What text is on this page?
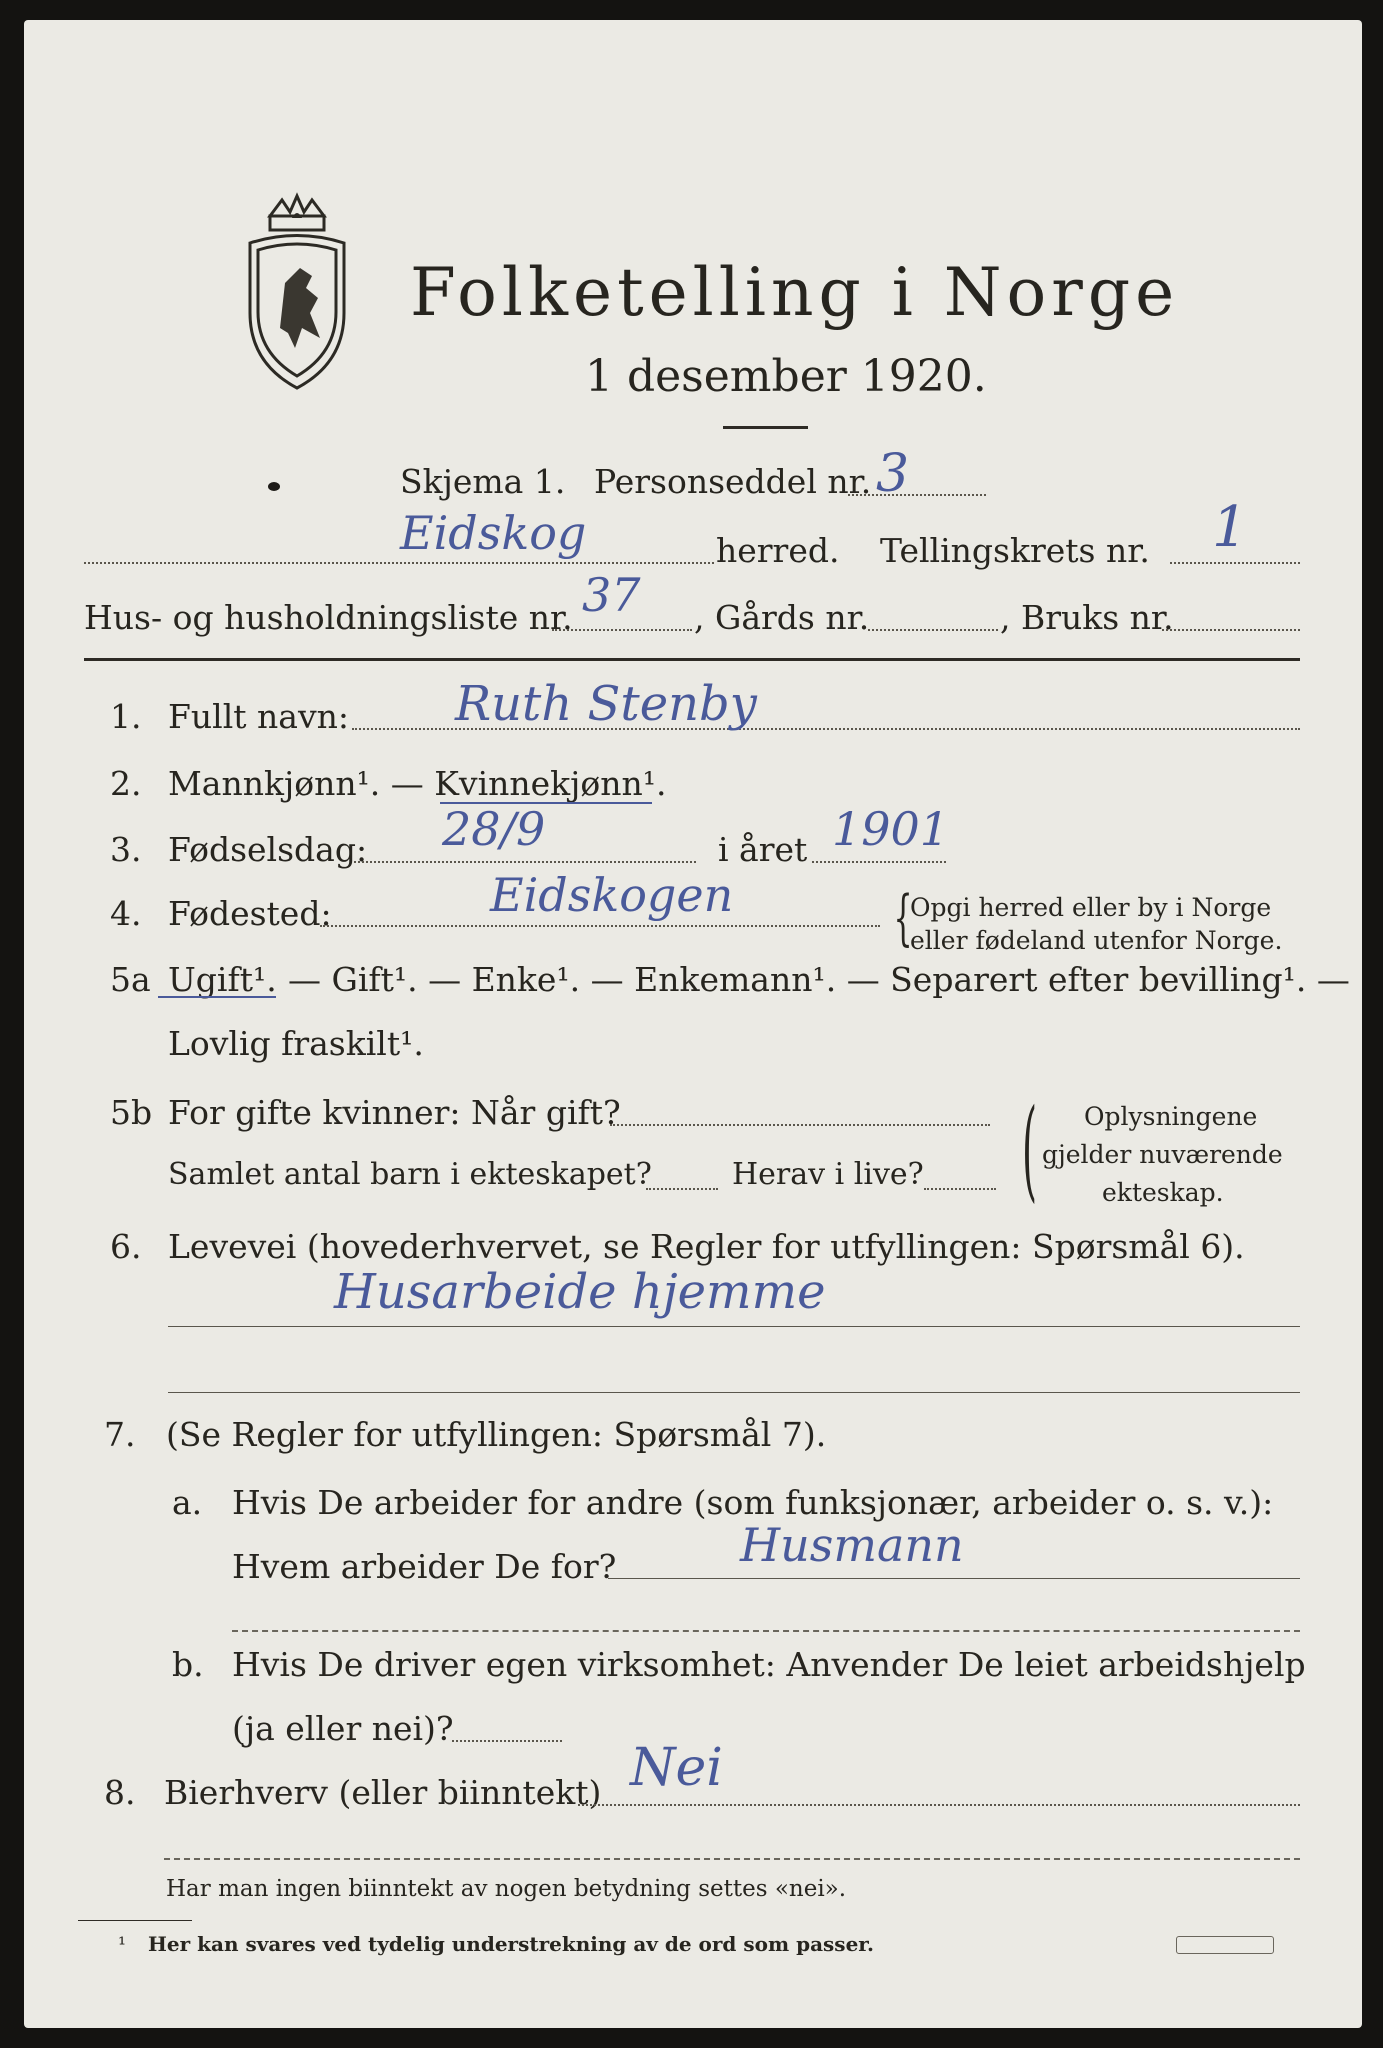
Folketelling i Norge
1 desember 1920.
Skjema 1. Personseddel nr. 3
Eidskog	herred. Tellingskrets nr. 1
Hus- og husholdningsliste nr. 37 , Gårds nr.	, Bruks nr.
1. Fullt navn: Ruth Stenby
2. Mannkjønn¹. — Kvinnekjønn¹.
3. Fødselsdag: 28/9	i året 1901
4. Fødested:	Eidskogen	{
Opgi herred eller by i Norge
eller fødeland utenfor Norge.
5a Ugift¹. — Gift¹. — Enke¹. — Enkemann¹. — Separert efter bevilling¹. —
Lovlig fraskilt¹.
5b For gifte kvinner: Når gift?
Samlet antal barn i ekteskapet?	Herav i live? ( Oplysningene
gjelder nuværende
ekteskap.
6. Levevei (hovederhvervet, se Regler for utfyllingen: Spørsmål 6).
Husarbeide hjemme
7. (Se Regler for utfyllingen: Spørsmål 7).
a. Hvis De arbeider for andre (som funksjonær, arbeider o. s. v.):
Hvem arbeider De for?	Husmann
b. Hvis De driver egen virksomhet: Anvender De leiet arbeidshjelp
(ja eller nei)?
8. Bierhverv (eller biinntekt) Nei
Har man ingen biinntekt av nogen betydning settes «nei».
¹ Her kan svares ved tydelig understrekning av de ord som passer.
